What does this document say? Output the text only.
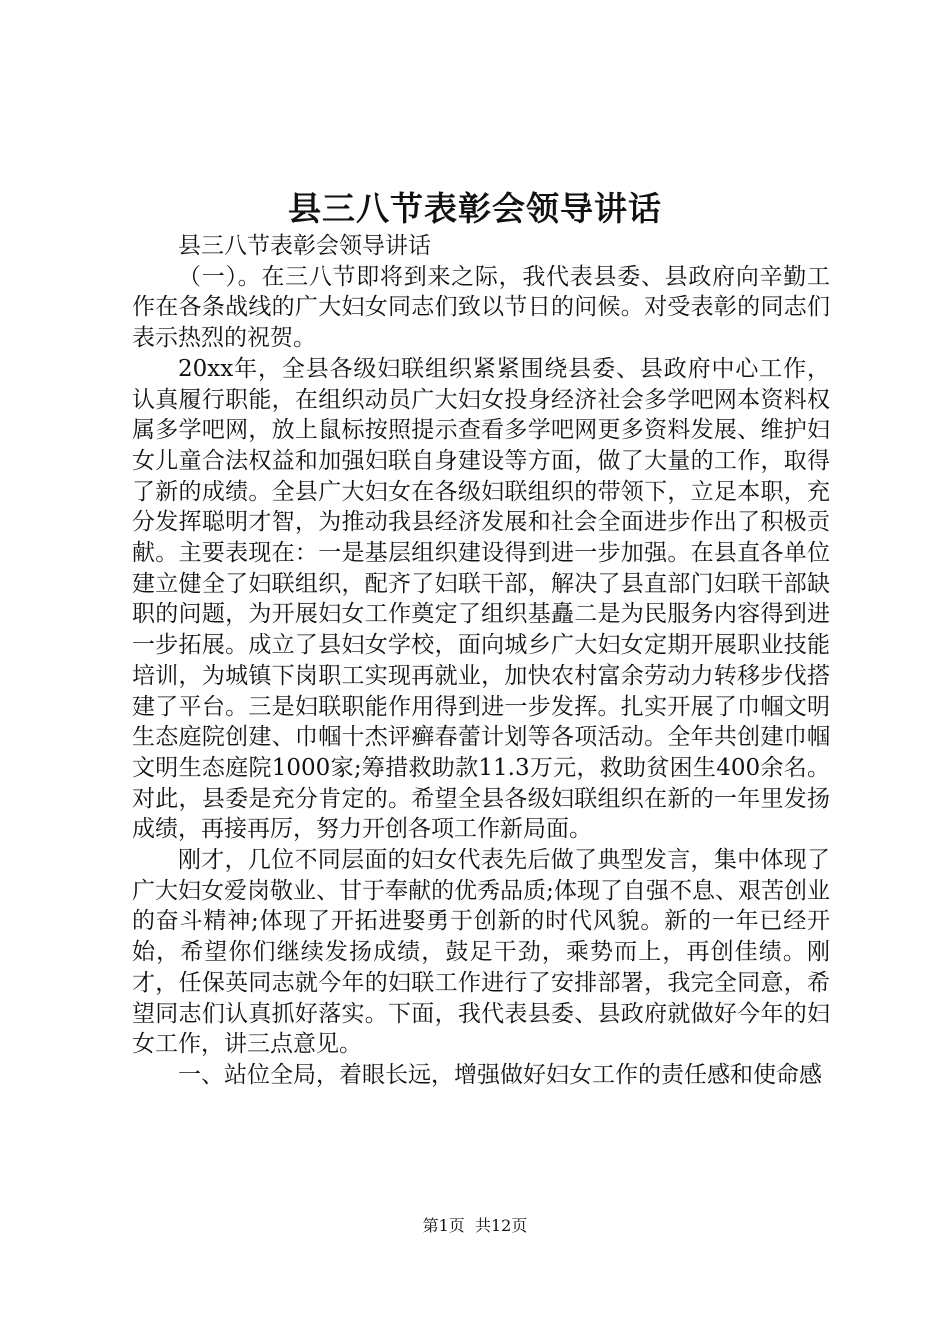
县三八节表彰会领导讲话

县三八节表彰会领导讲话

（一）。在三八节即将到来之际，我代表县委、县政府向辛勤工作在各条战线的广大妇女同志们致以节日的问候。对受表彰的同志们表示热烈的祝贺。

20xx年，全县各级妇联组织紧紧围绕县委、县政府中心工作，认真履行职能，在组织动员广大妇女投身经济社会多学吧网本资料权属多学吧网，放上鼠标按照提示查看多学吧网更多资料发展、维护妇女儿童合法权益和加强妇联自身建设等方面，做了大量的工作，取得了新的成绩。全县广大妇女在各级妇联组织的带领下，立足本职，充分发挥聪明才智，为推动我县经济发展和社会全面进步作出了积极贡献。主要表现在：一是基层组织建设得到进一步加强。在县直各单位建立健全了妇联组织，配齐了妇联干部，解决了县直部门妇联干部缺职的问题，为开展妇女工作奠定了组织基矗二是为民服务内容得到进一步拓展。成立了县妇女学校，面向城乡广大妇女定期开展职业技能培训，为城镇下岗职工实现再就业，加快农村富余劳动力转移步伐搭建了平台。三是妇联职能作用得到进一步发挥。扎实开展了巾帼文明生态庭院创建、巾帼十杰评癣春蕾计划等各项活动。全年共创建巾帼文明生态庭院1000家;筹措救助款11.3万元，救助贫困生400余名。对此，县委是充分肯定的。希望全县各级妇联组织在新的一年里发扬成绩，再接再厉，努力开创各项工作新局面。

刚才，几位不同层面的妇女代表先后做了典型发言，集中体现了广大妇女爱岗敬业、甘于奉献的优秀品质;体现了自强不息、艰苦创业的奋斗精神;体现了开拓进娶勇于创新的时代风貌。新的一年已经开始，希望你们继续发扬成绩，鼓足干劲，乘势而上，再创佳绩。刚才，任保英同志就今年的妇联工作进行了安排部署，我完全同意，希望同志们认真抓好落实。下面，我代表县委、县政府就做好今年的妇女工作，讲三点意见。

一、站位全局，着眼长远，增强做好妇女工作的责任感和使命感

第1页 共12页
